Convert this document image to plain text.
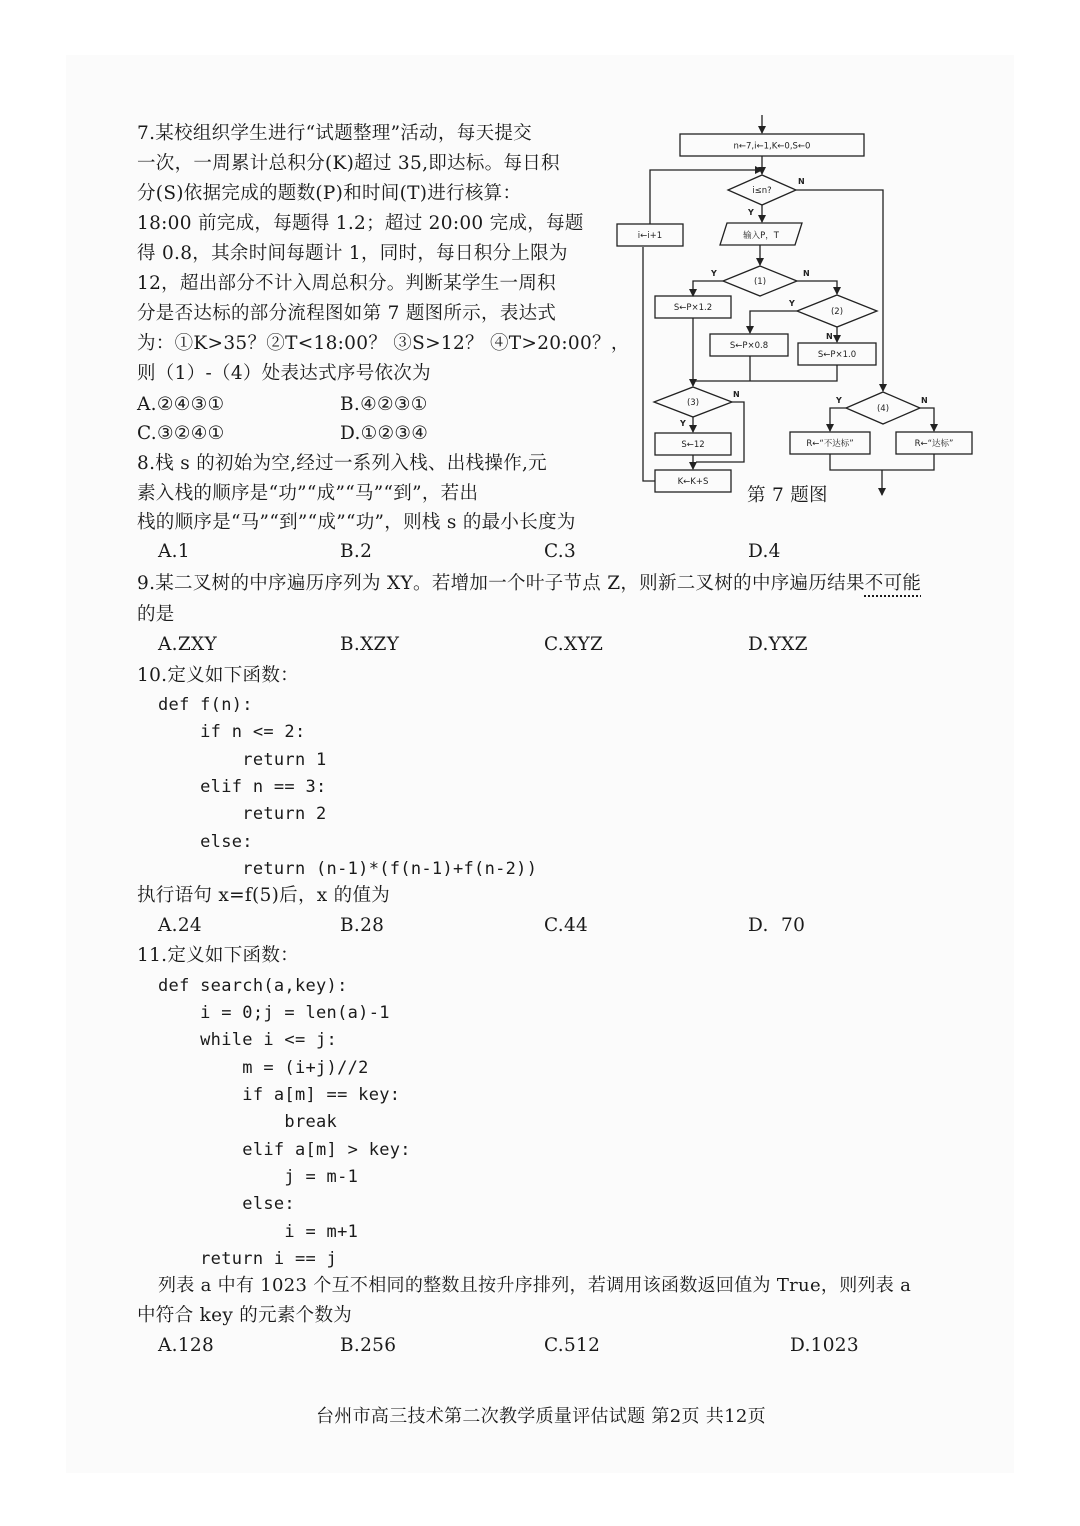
7.某校组织学生进行“试题整理”活动，每天提交
一次，一周累计总积分(K)超过 35,即达标。每日积
分(S)依据完成的题数(P)和时间(T)进行核算：
18:00 前完成，每题得 1.2；超过 20:00 完成，每题
得 0.8，其余时间每题计 1，同时，每日积分上限为
12，超出部分不计入周总积分。判断某学生一周积
分是否达标的部分流程图如第 7 题图所示，表达式
为：①K>35？②T<18:00？ ③S>12？ ④T>20:00？，
则（1）-（4）处表达式序号依次为
A.②④③①	B.④②③①
C.③②④①	D.①②③④
n←7,i←1,K←0,S←0
i≤n?
输入P，T
i←i+1
(1)
(2)
(3)
(4)
S←P×1.2
S←P×0.8
S←P×1.0
S←12
K←K+S
R←“不达标”	R←“达标”
N
Y
Y	N
Y
N
Y
N
Y	N
第 7 题图
8.栈 s 的初始为空,经过一系列入栈、出栈操作,元
素入栈的顺序是“功”“成”“马”“到”，若出
栈的顺序是“马”“到”“成”“功”，则栈 s 的最小长度为
A.1	B.2	C.3	D.4
9.某二叉树的中序遍历序列为 XY。若增加一个叶子节点 Z，则新二叉树的中序遍历结果不可能
的是
A.ZXY	B.XZY	C.XYZ	D.YXZ
10.定义如下函数：
def f(n):
if n <= 2:
return 1
elif n == 3:
return 2
else:
return (n-1)*(f(n-1)+f(n-2))
执行语句 x=f(5)后，x 的值为
A.24	B.28	C.44	D.  70
11.定义如下函数：
def search(a,key):
i = 0;j = len(a)-1
while i <= j:
m = (i+j)//2
if a[m] == key:
break
elif a[m] > key:
j = m-1
else:
i = m+1
return i == j
列表 a 中有 1023 个互不相同的整数且按升序排列，若调用该函数返回值为 True，则列表 a
中符合 key 的元素个数为
A.128	B.256	C.512	D.1023
台州市高三技术第二次教学质量评估试题 第2页 共12页
